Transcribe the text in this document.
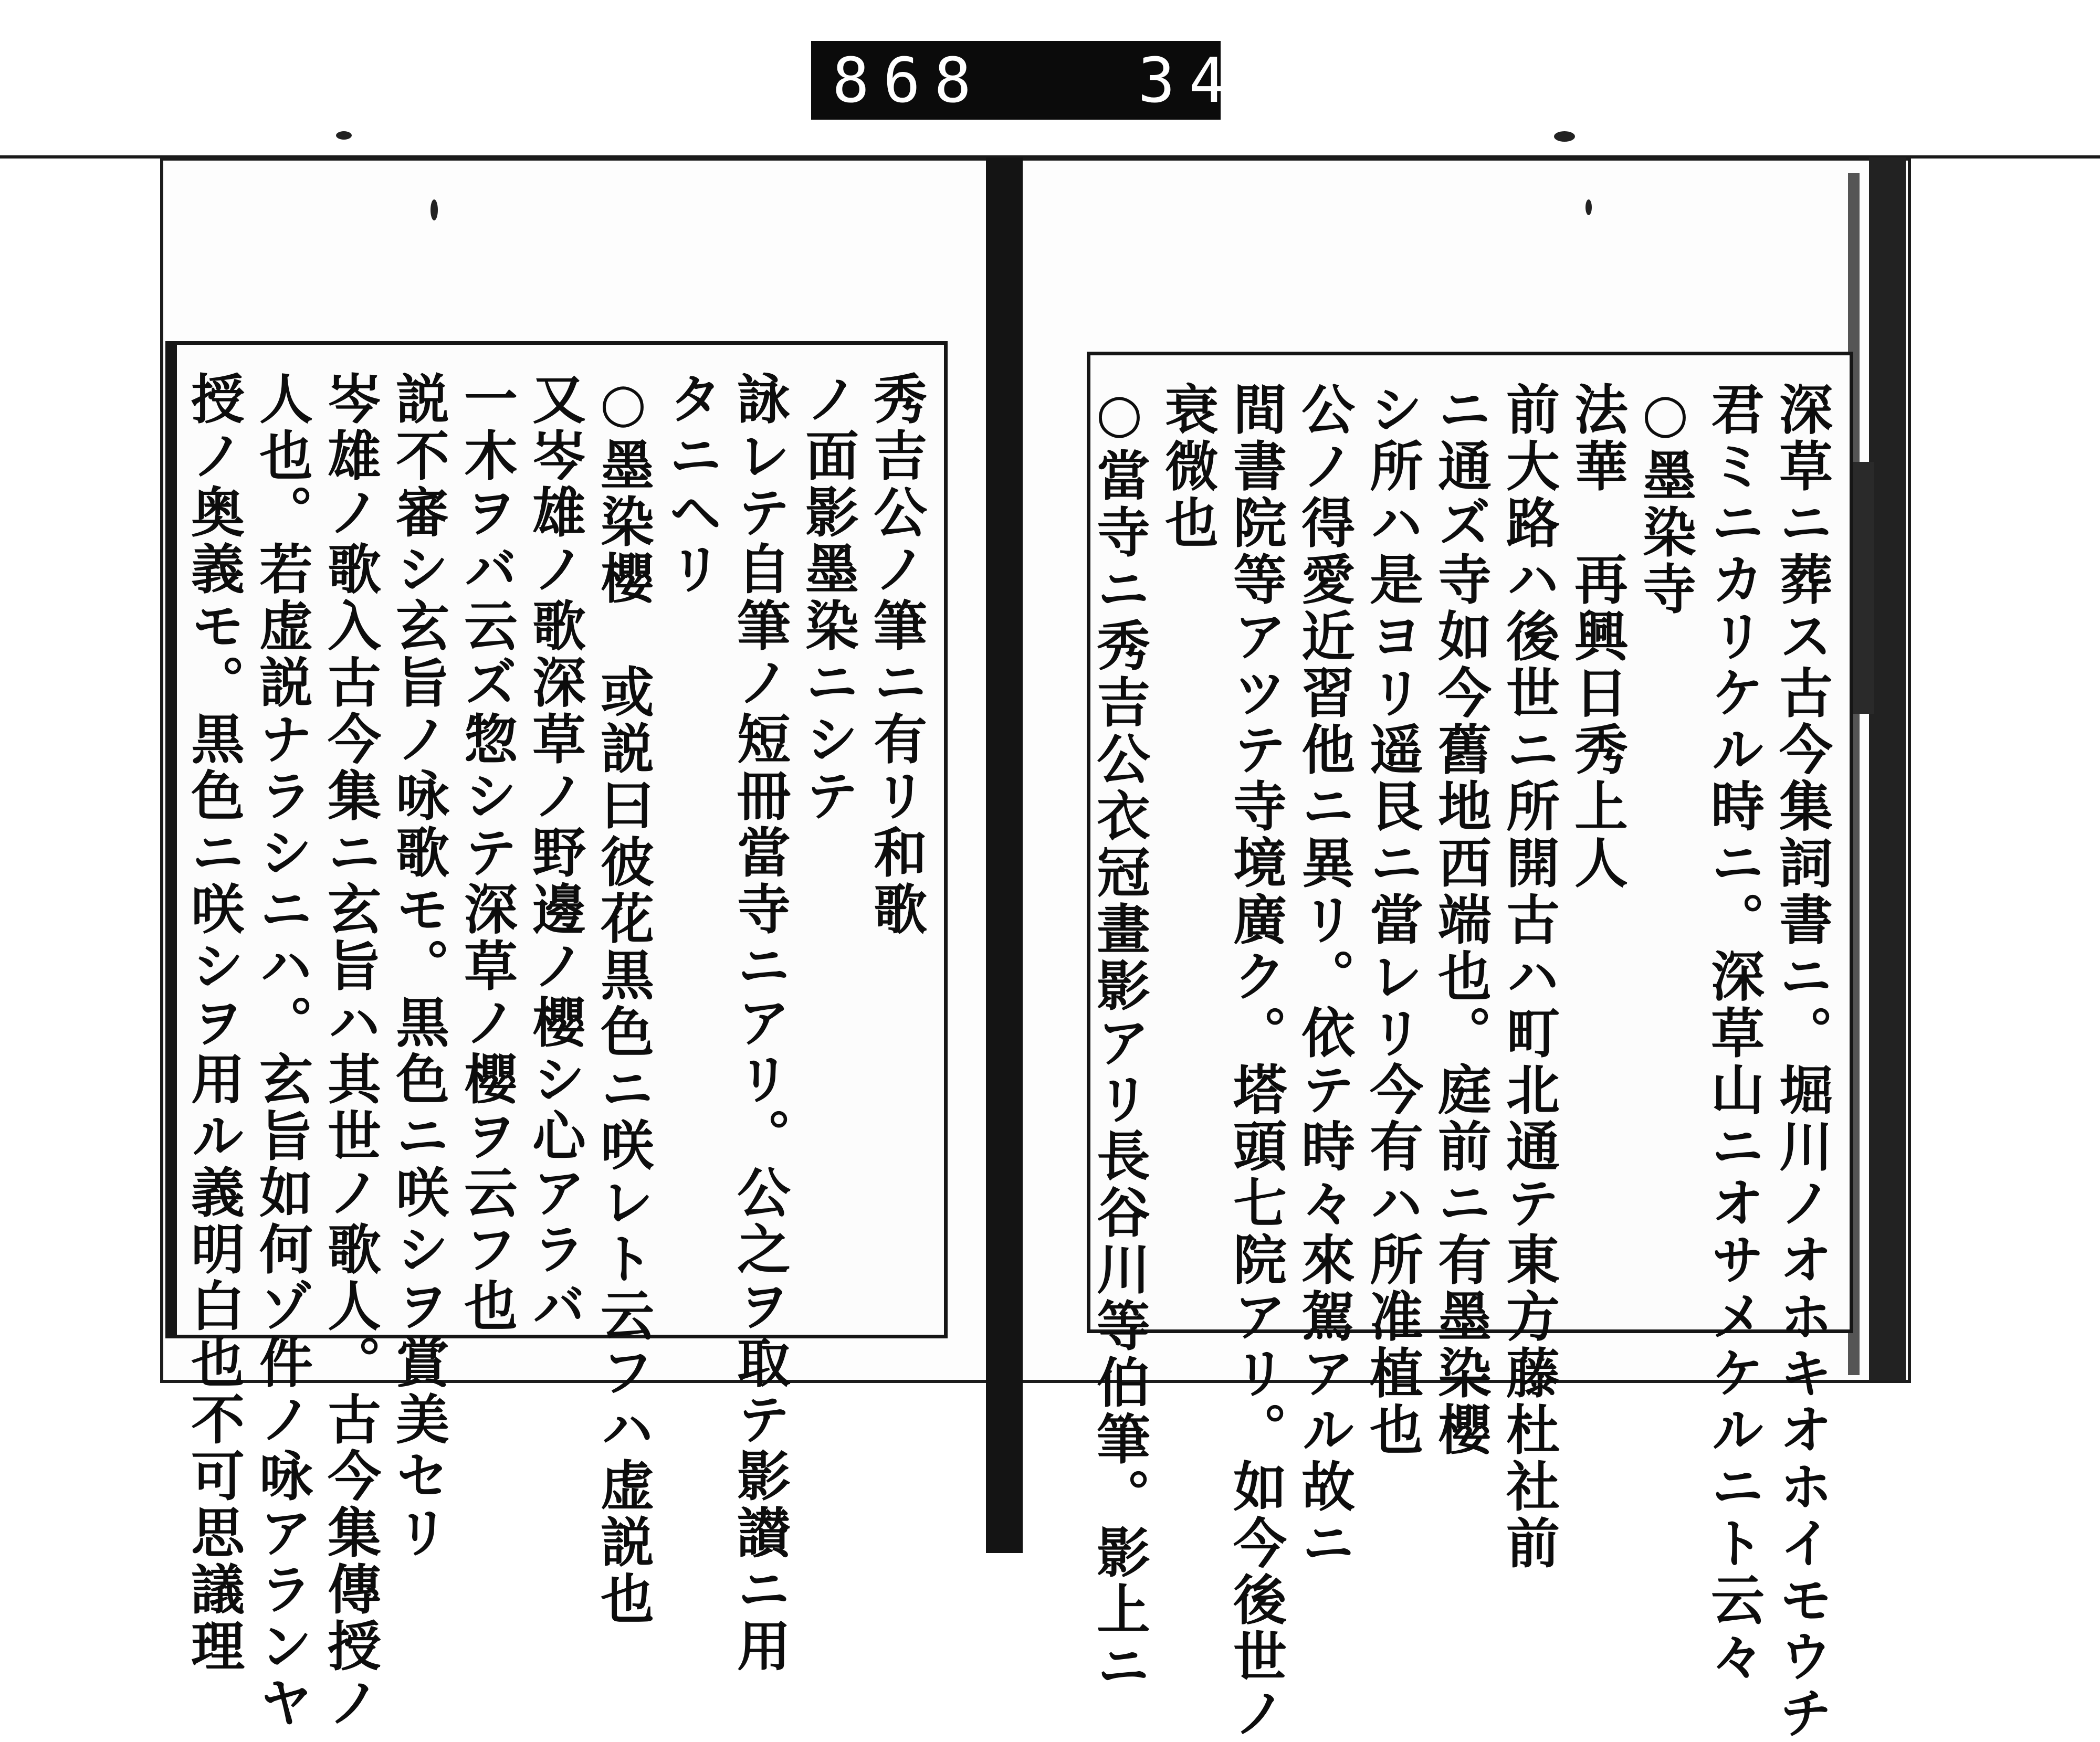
868   341.
秀吉公ノ筆ニ有リ和歌
ノ面影墨染ニシテ
詠レテ自筆ノ短冊當寺ニアリ。公之ヲ取テ影讃ニ用
タニヘリ
○墨染櫻　或説曰彼花黒色ニ咲レト云フハ虚説也
又岑雄ノ歌深草ノ野邊ノ櫻シ心アラバ
一木ヲバ云ズ惣シテ深草ノ櫻ヲ云フ也
説不審シ玄旨ノ咏歌モ。黒色ニ咲シヲ賞美セリ
岑雄ノ歌入古今集ニ玄旨ハ其世ノ歌人。古今集傳授ノ
人也。若虚説ナラシニハ。玄旨如何ゾ件ノ咏アランヤ
授ノ奥義モ。黒色ニ咲シヲ用ル義明白也不可思議理	深草ニ葬ス古今集詞書ニ。堀川ノオホキオホイモウチ
君ミニカリケル時ニ。深草山ニオサメケルニト云々
○墨染寺
法華　再興日秀上人
前大路ハ後世ニ所開古ハ町北通テ東方藤杜社前
ニ通ズ寺如今舊地西端也。庭前ニ有墨染櫻
シ所ハ是ヨリ遥艮ニ當レリ今有ハ所准植也
公ノ得愛近習他ニ異リ。依テ時々來駕アル故ニ
間書院等アツテ寺境廣ク。塔頭七院アリ。如今後世ノ
衰微也
○當寺ニ秀吉公衣冠畫影アリ長谷川等伯筆。影上ニ
